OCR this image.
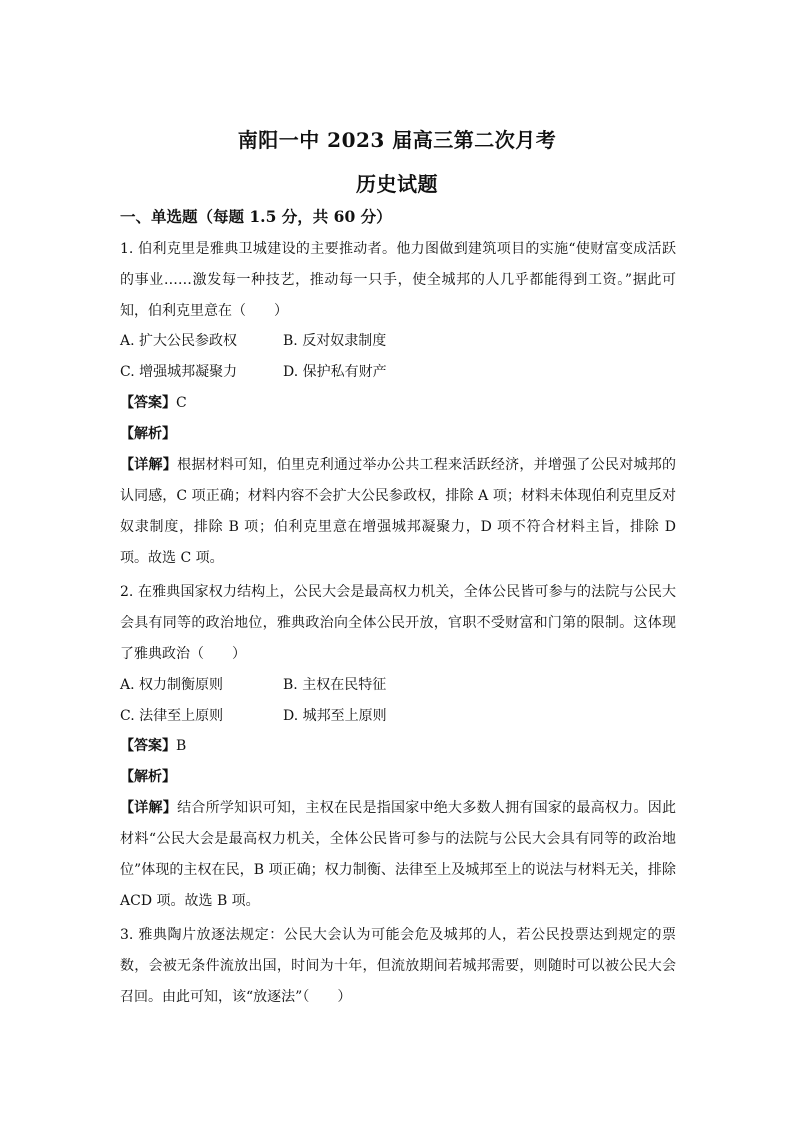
南阳一中 2023 届高三第二次月考
历史试题
一、单选题（每题 1.5 分，共 60 分）
1. 伯利克里是雅典卫城建设的主要推动者。他力图做到建筑项目的实施“使财富变成活跃的事业……激发每一种技艺，推动每一只手，使全城邦的人几乎都能得到工资。”据此可知，伯利克里意在（　　）
A. 扩大公民参政权	B. 反对奴隶制度
C. 增强城邦凝聚力	D. 保护私有财产
【答案】C
【解析】
【详解】根据材料可知，伯里克利通过举办公共工程来活跃经济，并增强了公民对城邦的认同感，C 项正确；材料内容不会扩大公民参政权，排除 A 项；材料未体现伯利克里反对奴隶制度，排除 B 项；伯利克里意在增强城邦凝聚力，D 项不符合材料主旨，排除 D 项。故选 C 项。
2. 在雅典国家权力结构上，公民大会是最高权力机关，全体公民皆可参与的法院与公民大会具有同等的政治地位，雅典政治向全体公民开放，官职不受财富和门第的限制。这体现了雅典政治（　　）
A. 权力制衡原则	B. 主权在民特征
C. 法律至上原则	D. 城邦至上原则
【答案】B
【解析】
【详解】结合所学知识可知，主权在民是指国家中绝大多数人拥有国家的最高权力。因此材料“公民大会是最高权力机关，全体公民皆可参与的法院与公民大会具有同等的政治地位”体现的主权在民，B 项正确；权力制衡、法律至上及城邦至上的说法与材料无关，排除 ACD 项。故选 B 项。
3. 雅典陶片放逐法规定：公民大会认为可能会危及城邦的人，若公民投票达到规定的票数，会被无条件流放出国，时间为十年，但流放期间若城邦需要，则随时可以被公民大会召回。由此可知，该“放逐法”（　　）
